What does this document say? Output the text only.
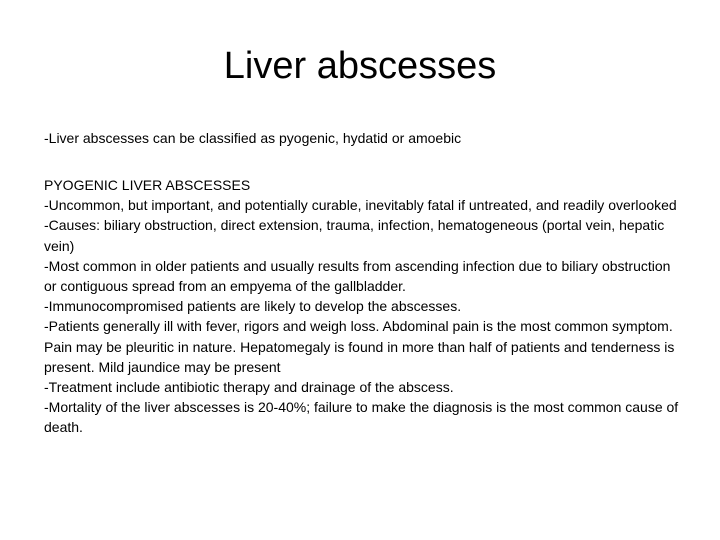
Liver abscesses

-Liver abscesses can be classified as pyogenic, hydatid or amoebic

PYOGENIC LIVER ABSCESSES

-Uncommon, but important, and potentially curable, inevitably fatal if untreated, and readily overlooked

-Causes: biliary obstruction, direct extension, trauma, infection, hematogeneous (portal vein, hepatic vein)

-Most common in older patients and usually results from ascending infection due to biliary obstruction or contiguous spread from an empyema of the gallbladder.

-Immunocompromised patients are likely to develop the abscesses.

-Patients generally ill with fever, rigors and weigh loss. Abdominal pain is the most common symptom. Pain may be pleuritic in nature. Hepatomegaly is found in more than half of patients and tenderness is present. Mild jaundice may be present

-Treatment include antibiotic therapy and drainage of the abscess.

-Mortality of the liver abscesses is 20-40%; failure to make the diagnosis is the most common cause of death.
